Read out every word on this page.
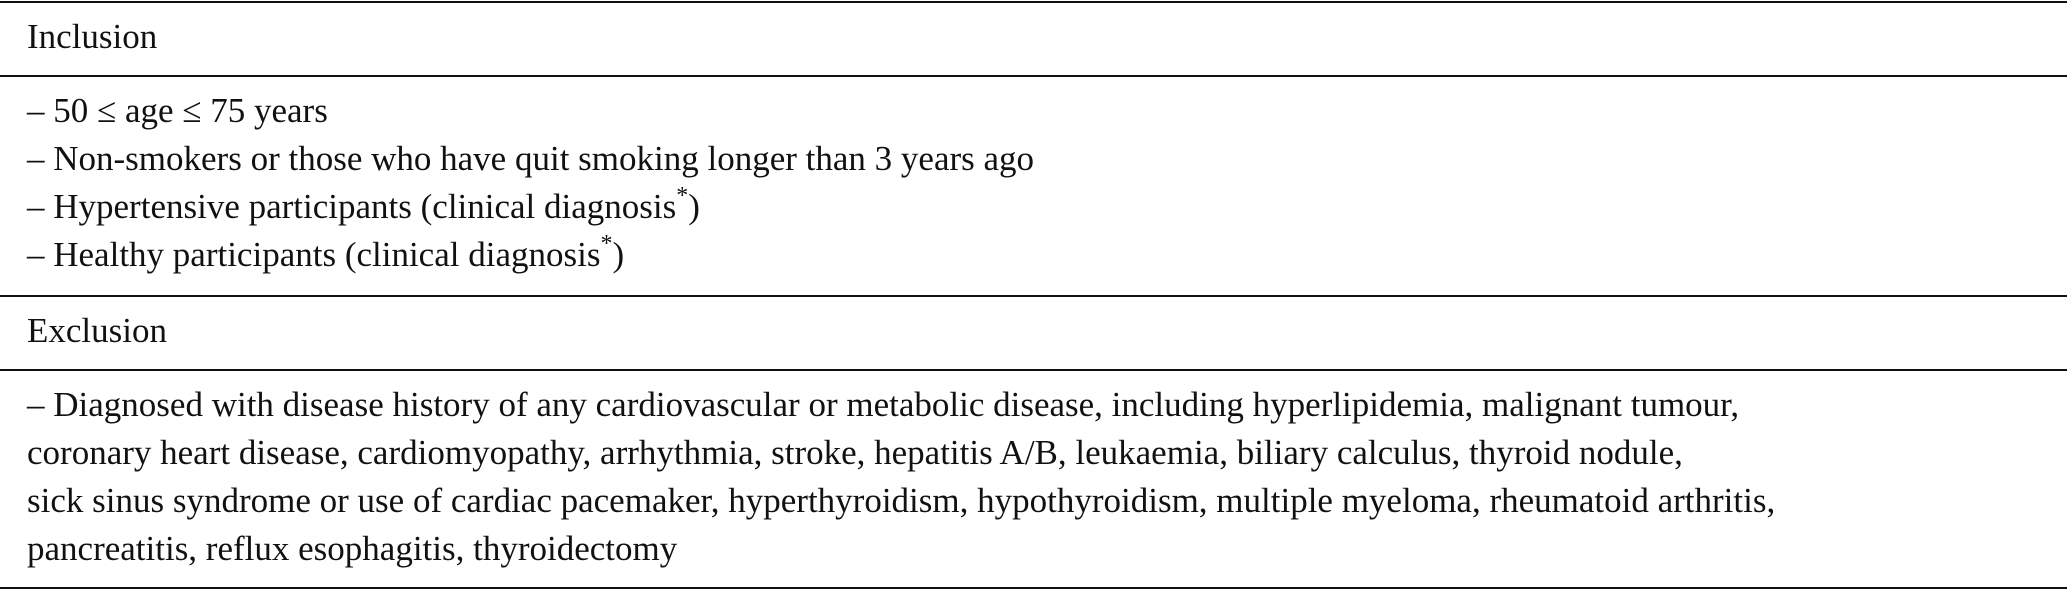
Inclusion
– 50 ≤ age ≤ 75 years
– Non-smokers or those who have quit smoking longer than 3 years ago
– Hypertensive participants (clinical diagnosis*)
– Healthy participants (clinical diagnosis*)
Exclusion
– Diagnosed with disease history of any cardiovascular or metabolic disease, including hyperlipidemia, malignant tumour,
coronary heart disease, cardiomyopathy, arrhythmia, stroke, hepatitis A/B, leukaemia, biliary calculus, thyroid nodule,
sick sinus syndrome or use of cardiac pacemaker, hyperthyroidism, hypothyroidism, multiple myeloma, rheumatoid arthritis,
pancreatitis, reflux esophagitis, thyroidectomy
